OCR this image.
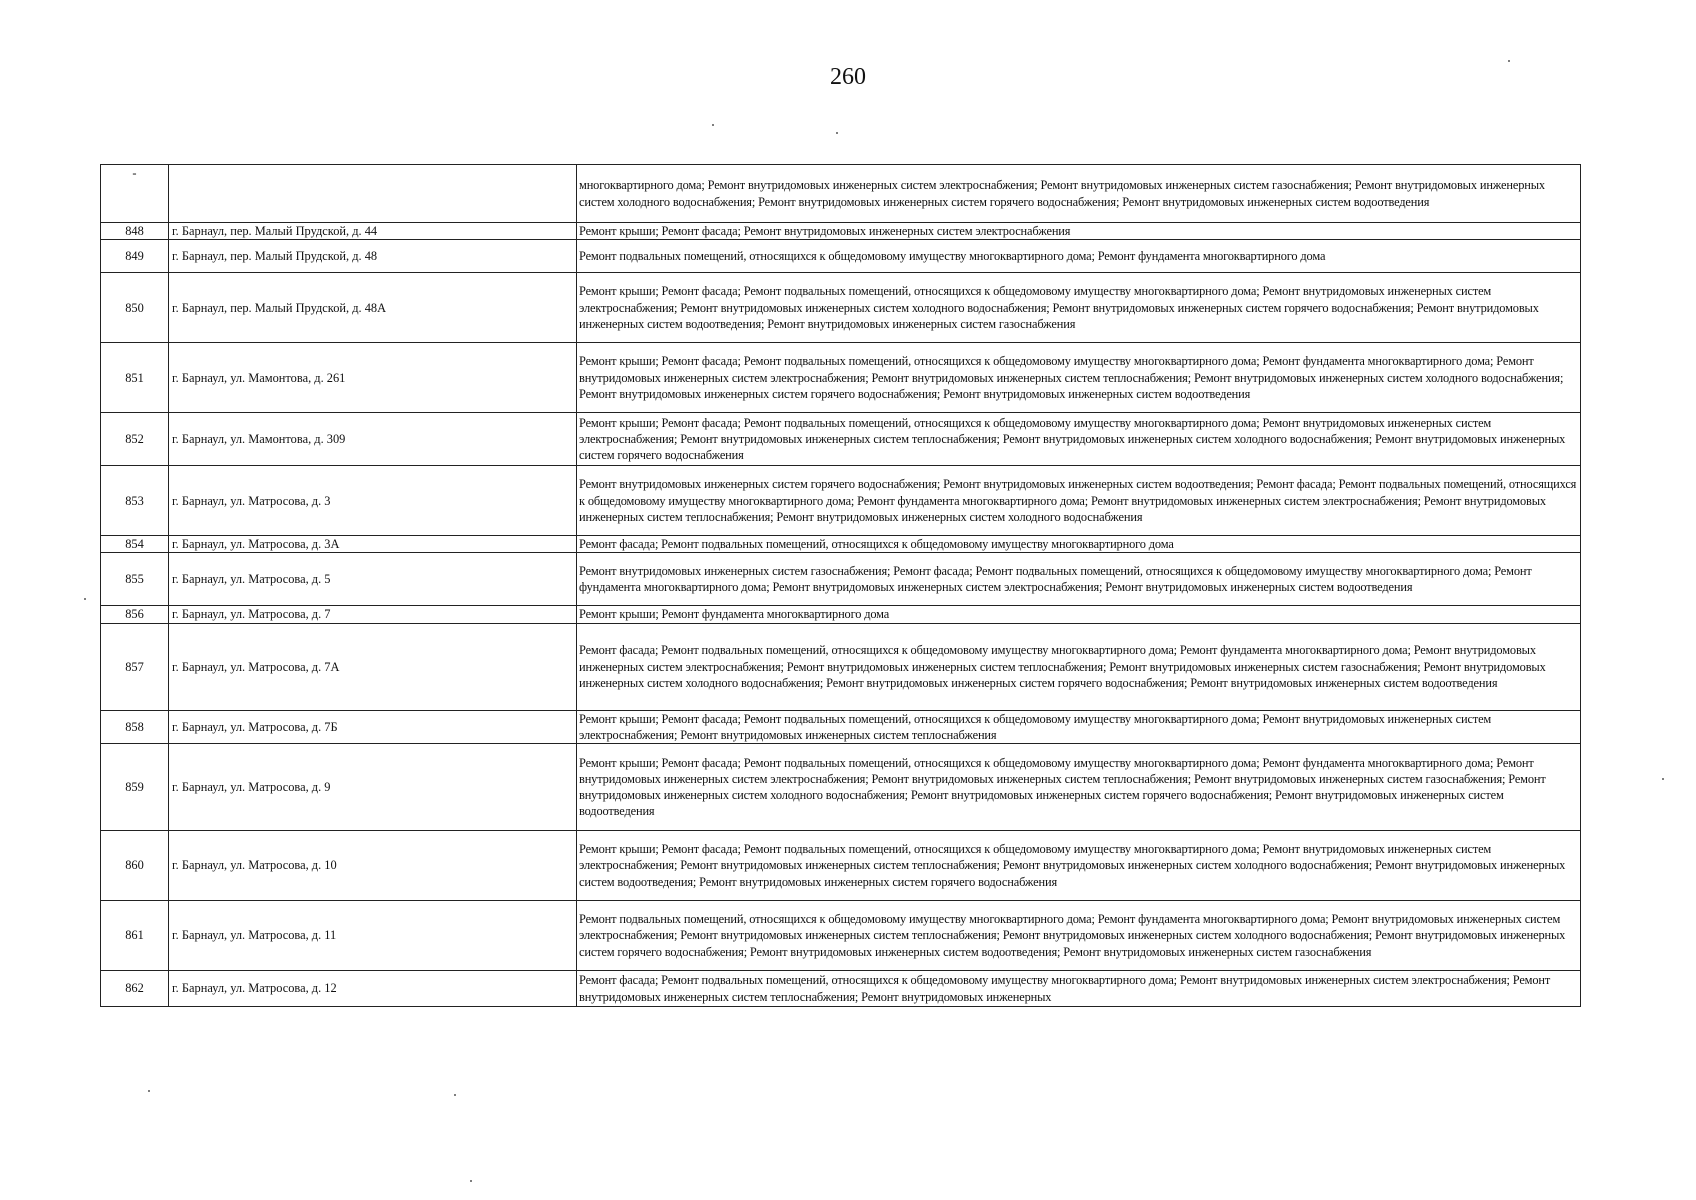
260
-		многоквартирного дома; Ремонт внутридомовых инженерных систем электроснабжения; Ремонт внутридомовых инженерных систем газоснабжения; Ремонт внутридомовых инженерных систем холодного водоснабжения; Ремонт внутридомовых инженерных систем горячего водоснабжения; Ремонт внутридомовых инженерных систем водоотведения
848	г. Барнаул, пер. Малый Прудской, д. 44	Ремонт крыши; Ремонт фасада; Ремонт внутридомовых инженерных систем электроснабжения
849	г. Барнаул, пер. Малый Прудской, д. 48	Ремонт подвальных помещений, относящихся к общедомовому имуществу многоквартирного дома; Ремонт фундамента многоквартирного дома
850	г. Барнаул, пер. Малый Прудской, д. 48А	Ремонт крыши; Ремонт фасада; Ремонт подвальных помещений, относящихся к общедомовому имуществу многоквартирного дома; Ремонт внутридомовых инженерных систем электроснабжения; Ремонт внутридомовых инженерных систем холодного водоснабжения; Ремонт внутридомовых инженерных систем горячего водоснабжения; Ремонт внутридомовых инженерных систем водоотведения; Ремонт внутридомовых инженерных систем газоснабжения
851	г. Барнаул, ул. Мамонтова, д. 261	Ремонт крыши; Ремонт фасада; Ремонт подвальных помещений, относящихся к общедомовому имуществу многоквартирного дома; Ремонт фундамента многоквартирного дома; Ремонт внутридомовых инженерных систем электроснабжения; Ремонт внутридомовых инженерных систем теплоснабжения; Ремонт внутридомовых инженерных систем холодного водоснабжения; Ремонт внутридомовых инженерных систем горячего водоснабжения; Ремонт внутридомовых инженерных систем водоотведения
852	г. Барнаул, ул. Мамонтова, д. 309	Ремонт крыши; Ремонт фасада; Ремонт подвальных помещений, относящихся к общедомовому имуществу многоквартирного дома; Ремонт внутридомовых инженерных систем электроснабжения; Ремонт внутридомовых инженерных систем теплоснабжения; Ремонт внутридомовых инженерных систем холодного водоснабжения; Ремонт внутридомовых инженерных систем горячего водоснабжения
853	г. Барнаул, ул. Матросова, д. 3	Ремонт внутридомовых инженерных систем горячего водоснабжения; Ремонт внутридомовых инженерных систем водоотведения; Ремонт фасада; Ремонт подвальных помещений, относящихся к общедомовому имуществу многоквартирного дома; Ремонт фундамента многоквартирного дома; Ремонт внутридомовых инженерных систем электроснабжения; Ремонт внутридомовых инженерных систем теплоснабжения; Ремонт внутридомовых инженерных систем холодного водоснабжения
854	г. Барнаул, ул. Матросова, д. 3А	Ремонт фасада; Ремонт подвальных помещений, относящихся к общедомовому имуществу многоквартирного дома
855	г. Барнаул, ул. Матросова, д. 5	Ремонт внутридомовых инженерных систем газоснабжения; Ремонт фасада; Ремонт подвальных помещений, относящихся к общедомовому имуществу многоквартирного дома; Ремонт фундамента многоквартирного дома; Ремонт внутридомовых инженерных систем электроснабжения; Ремонт внутридомовых инженерных систем водоотведения
856	г. Барнаул, ул. Матросова, д. 7	Ремонт крыши; Ремонт фундамента многоквартирного дома
857	г. Барнаул, ул. Матросова, д. 7А	Ремонт фасада; Ремонт подвальных помещений, относящихся к общедомовому имуществу многоквартирного дома; Ремонт фундамента многоквартирного дома; Ремонт внутридомовых инженерных систем электроснабжения; Ремонт внутридомовых инженерных систем теплоснабжения; Ремонт внутридомовых инженерных систем газоснабжения; Ремонт внутридомовых инженерных систем холодного водоснабжения; Ремонт внутридомовых инженерных систем горячего водоснабжения; Ремонт внутридомовых инженерных систем водоотведения
858	г. Барнаул, ул. Матросова, д. 7Б	Ремонт крыши; Ремонт фасада; Ремонт подвальных помещений, относящихся к общедомовому имуществу многоквартирного дома; Ремонт внутридомовых инженерных систем электроснабжения; Ремонт внутридомовых инженерных систем теплоснабжения
859	г. Барнаул, ул. Матросова, д. 9	Ремонт крыши; Ремонт фасада; Ремонт подвальных помещений, относящихся к общедомовому имуществу многоквартирного дома; Ремонт фундамента многоквартирного дома; Ремонт внутридомовых инженерных систем электроснабжения; Ремонт внутридомовых инженерных систем теплоснабжения; Ремонт внутридомовых инженерных систем газоснабжения; Ремонт внутридомовых инженерных систем холодного водоснабжения; Ремонт внутридомовых инженерных систем горячего водоснабжения; Ремонт внутридомовых инженерных систем водоотведения
860	г. Барнаул, ул. Матросова, д. 10	Ремонт крыши; Ремонт фасада; Ремонт подвальных помещений, относящихся к общедомовому имуществу многоквартирного дома; Ремонт внутридомовых инженерных систем электроснабжения; Ремонт внутридомовых инженерных систем теплоснабжения; Ремонт внутридомовых инженерных систем холодного водоснабжения; Ремонт внутридомовых инженерных систем водоотведения; Ремонт внутридомовых инженерных систем горячего водоснабжения
861	г. Барнаул, ул. Матросова, д. 11	Ремонт подвальных помещений, относящихся к общедомовому имуществу многоквартирного дома; Ремонт фундамента многоквартирного дома; Ремонт внутридомовых инженерных систем электроснабжения; Ремонт внутридомовых инженерных систем теплоснабжения; Ремонт внутридомовых инженерных систем холодного водоснабжения; Ремонт внутридомовых инженерных систем горячего водоснабжения; Ремонт внутридомовых инженерных систем водоотведения; Ремонт внутридомовых инженерных систем газоснабжения
862	г. Барнаул, ул. Матросова, д. 12	Ремонт фасада; Ремонт подвальных помещений, относящихся к общедомовому имуществу многоквартирного дома; Ремонт внутридомовых инженерных систем электроснабжения; Ремонт внутридомовых инженерных систем теплоснабжения; Ремонт внутридомовых инженерных
